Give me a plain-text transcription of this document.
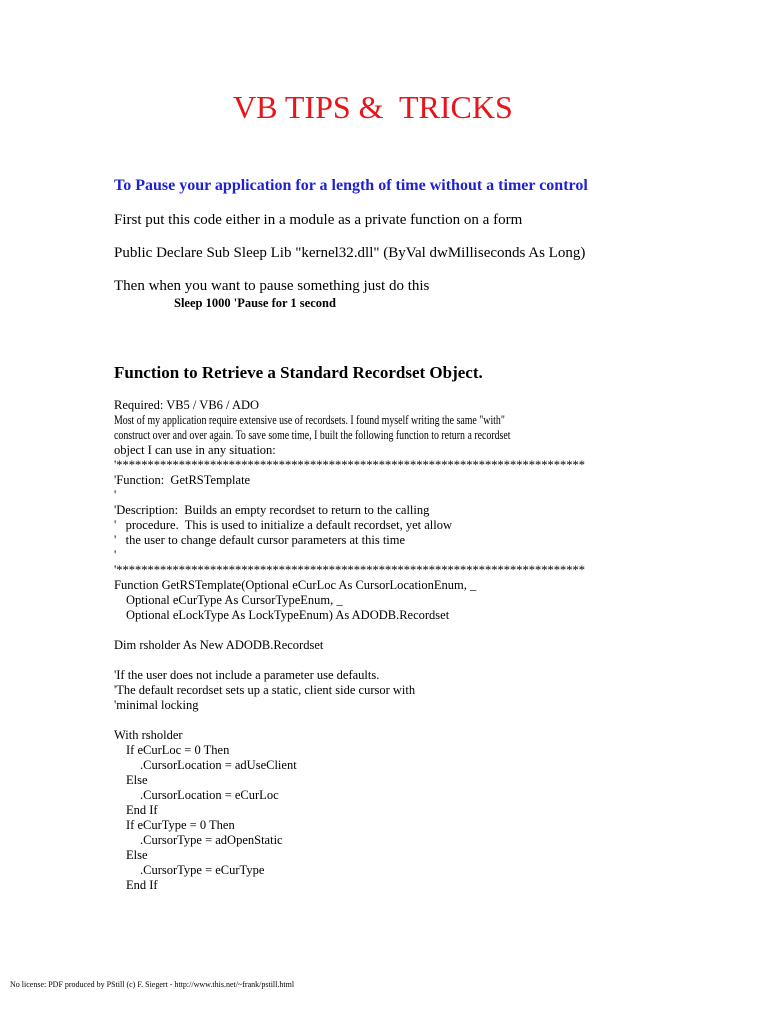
VB TIPS &  TRICKS
To Pause your application for a length of time without a timer control

First put this code either in a module as a private function on a form

Public Declare Sub Sleep Lib "kernel32.dll" (ByVal dwMilliseconds As Long)

Then when you want to pause something just do this

Sleep 1000 'Pause for 1 second

Function to Retrieve a Standard Recordset Object.
Required: VB5 / VB6 / ADO
Most of my application require extensive use of recordsets. I found myself writing the same "with"
construct over and over again. To save some time, I built the following function to return a recordset
object I can use in any situation:
'***************************************************************************
'Function:  GetRSTemplate
'
'Description:  Builds an empty recordset to return to the calling
'   procedure.  This is used to initialize a default recordset, yet allow
'   the user to change default cursor parameters at this time
'
'***************************************************************************
Function GetRSTemplate(Optional eCurLoc As CursorLocationEnum, _
Optional eCurType As CursorTypeEnum, _
Optional eLockType As LockTypeEnum) As ADODB.Recordset
Dim rsholder As New ADODB.Recordset
'If the user does not include a parameter use defaults.
'The default recordset sets up a static, client side cursor with
'minimal locking
With rsholder
If eCurLoc = 0 Then
.CursorLocation = adUseClient
Else
.CursorLocation = eCurLoc
End If
If eCurType = 0 Then
.CursorType = adOpenStatic
Else
.CursorType = eCurType
End If

No license: PDF produced by PStill (c) F. Siegert - http://www.this.net/~frank/pstill.html
